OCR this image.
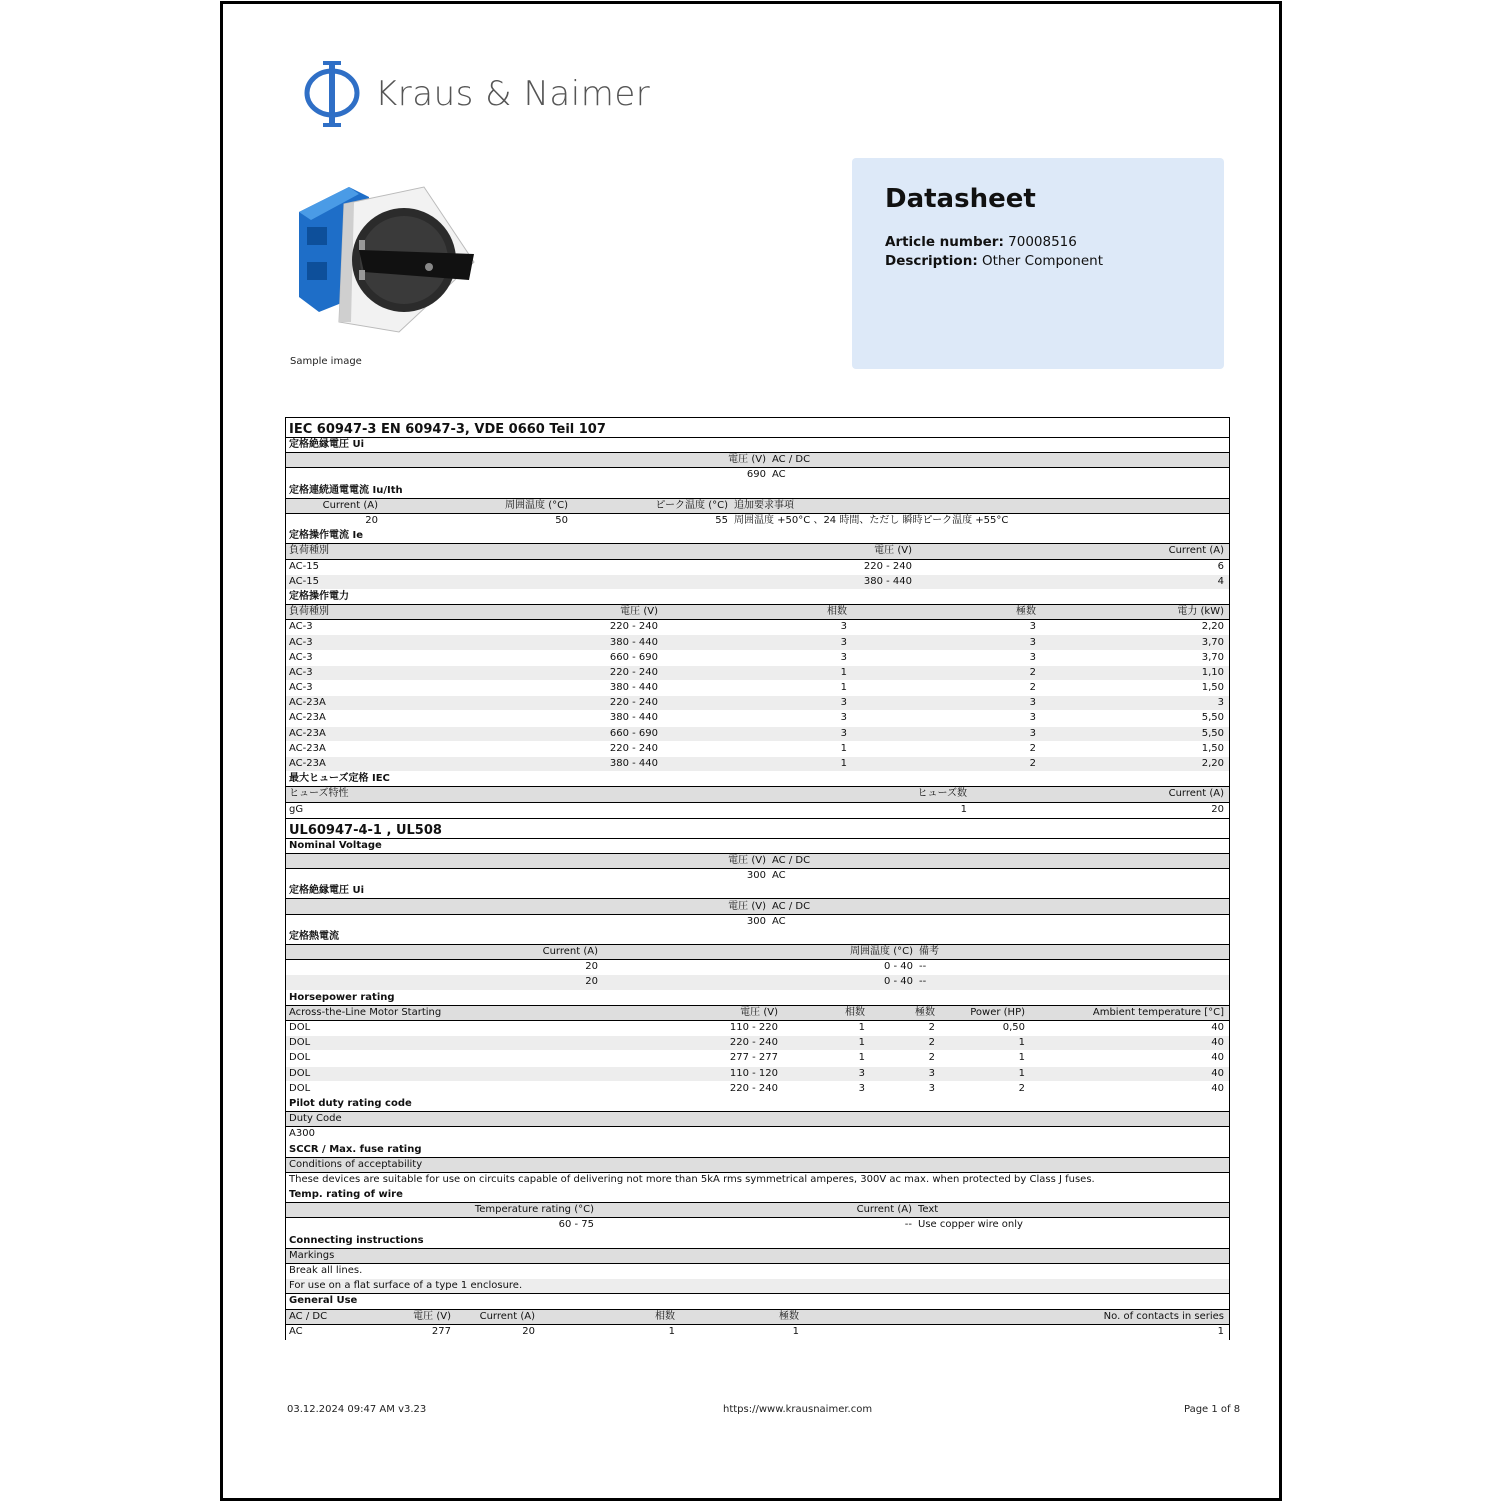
Kraus & Naimer
Sample image
Datasheet
Article number: 70008516
Description: Other Component
IEC 60947-3 EN 60947-3, VDE 0660 Teil 107
定格絶縁電圧 Ui
電圧 (V) AC / DC
690 AC
定格連続通電電流 Iu/Ith
Current (A)	周囲温度 (°C)	ピーク温度 (°C) 追加要求事項
20	50	55 周囲温度 +50°C 、24 時間、ただし 瞬時ピーク温度 +55°C
定格操作電流 Ie
負荷種別	電圧 (V)	Current (A)
AC-15	220 - 240	6
AC-15	380 - 440	4
定格操作電力
負荷種別	電圧 (V)	相数	極数	電力 (kW)
AC-3	220 - 240	3	3	2,20
AC-3	380 - 440	3	3	3,70
AC-3	660 - 690	3	3	3,70
AC-3	220 - 240	1	2	1,10
AC-3	380 - 440	1	2	1,50
AC-23A	220 - 240	3	3	3
AC-23A	380 - 440	3	3	5,50
AC-23A	660 - 690	3	3	5,50
AC-23A	220 - 240	1	2	1,50
AC-23A	380 - 440	1	2	2,20
最大ヒューズ定格 IEC
ヒューズ特性	ヒューズ数	Current (A)
gG	1	20
UL60947-4-1 , UL508
Nominal Voltage
電圧 (V) AC / DC
300 AC
定格絶縁電圧 Ui
電圧 (V) AC / DC
300 AC
定格熱電流
Current (A)	周囲温度 (°C) 備考
20	0 - 40 --
20	0 - 40 --
Horsepower rating
Across-the-Line Motor Starting	電圧 (V)	相数	極数	Power (HP)	Ambient temperature [°C]
DOL	110 - 220	1	2	0,50	40
DOL	220 - 240	1	2	1	40
DOL	277 - 277	1	2	1	40
DOL	110 - 120	3	3	1	40
DOL	220 - 240	3	3	2	40
Pilot duty rating code
Duty Code
A300
SCCR / Max. fuse rating
Conditions of acceptability
These devices are suitable for use on circuits capable of delivering not more than 5kA rms symmetrical amperes, 300V ac max. when protected by Class J fuses.
Temp. rating of wire
Temperature rating (°C)	Current (A) Text
60 - 75	-- Use copper wire only
Connecting instructions
Markings
Break all lines.
For use on a flat surface of a type 1 enclosure.
General Use
AC / DC	電圧 (V)	Current (A)	相数	極数	No. of contacts in series
AC	277	20	1	1	1
03.12.2024 09:47 AM v3.23	https://www.krausnaimer.com	Page 1 of 8
